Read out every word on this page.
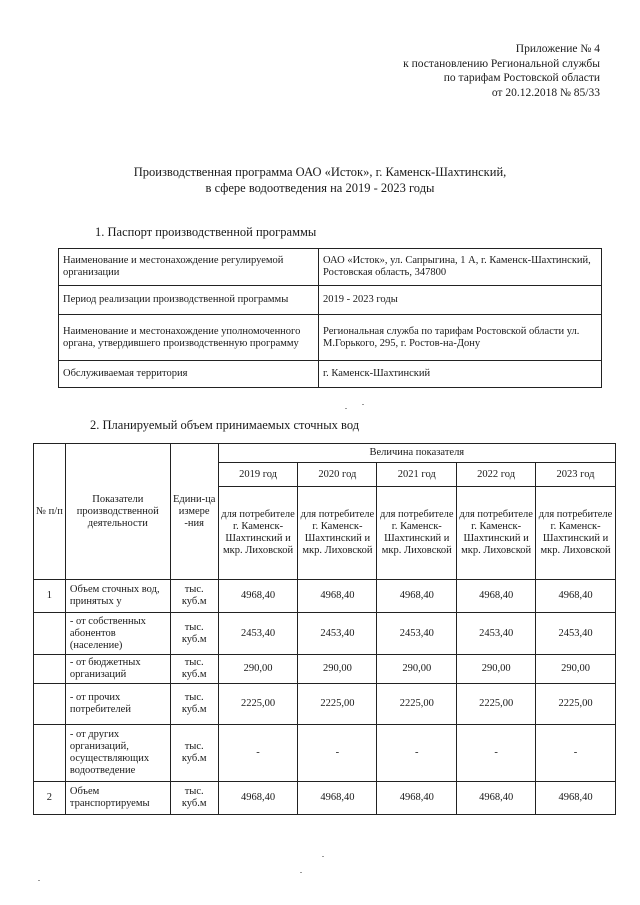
Приложение № 4
к постановлению Региональной службы
по тарифам Ростовской области
от 20.12.2018 № 85/33
Производственная программа ОАО «Исток», г. Каменск-Шахтинский,
в сфере водоотведения на 2019 - 2023 годы
1. Паспорт производственной программы
Наименование и местонахождение регулируемой организации	ОАО «Исток», ул. Сапрыгина, 1 А, г. Каменск-Шахтинский, Ростовская область, 347800
Период реализации производственной программы	2019 - 2023 годы
Наименование и местонахождение уполномоченного органа, утвердившего производственную программу	Региональная служба по тарифам Ростовской области ул. М.Горького, 295, г. Ростов-на-Дону
Обслуживаемая территория	г. Каменск-Шахтинский
2. Планируемый объем принимаемых сточных вод
№ п/п	Показатели производственной деятельности	Едини-ца измере -ния	Величина показателя				
			2019 год	2020 год	2021 год	2022 год	2023 год
			для потребителе г. Каменск-Шахтинский и мкр. Лиховской	для потребителе г. Каменск-Шахтинский и мкр. Лиховской	для потребителе г. Каменск-Шахтинский и мкр. Лиховской	для потребителе г. Каменск-Шахтинский и мкр. Лиховской	для потребителе г. Каменск-Шахтинский и мкр. Лиховской
1	Объем сточных вод, принятых у	тыс. куб.м	4968,40	4968,40	4968,40	4968,40	4968,40
	- от собственных абонентов (население)	тыс. куб.м	2453,40	2453,40	2453,40	2453,40	2453,40
	- от бюджетных организаций	тыс. куб.м	290,00	290,00	290,00	290,00	290,00
	- от прочих потребителей	тыс. куб.м	2225,00	2225,00	2225,00	2225,00	2225,00
	- от других организаций, осуществляющих водоотведение	тыс. куб.м	-	-	-	-	-
2	Объем транспортируемы	тыс. куб.м	4968,40	4968,40	4968,40	4968,40	4968,40
